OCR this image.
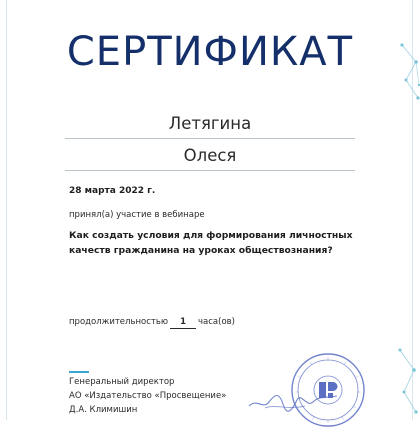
СЕРТИФИКАТ
Летягина
Олеся
28 марта 2022 г.
принял(а) участие в вебинаре
Как создать условия для формирования личностных качеств гражданина на уроках обществознания?
продолжительностью	1	часа(ов)
Генеральный директор
АО «Издательство «Просвещение»
Д.А. Климишин
